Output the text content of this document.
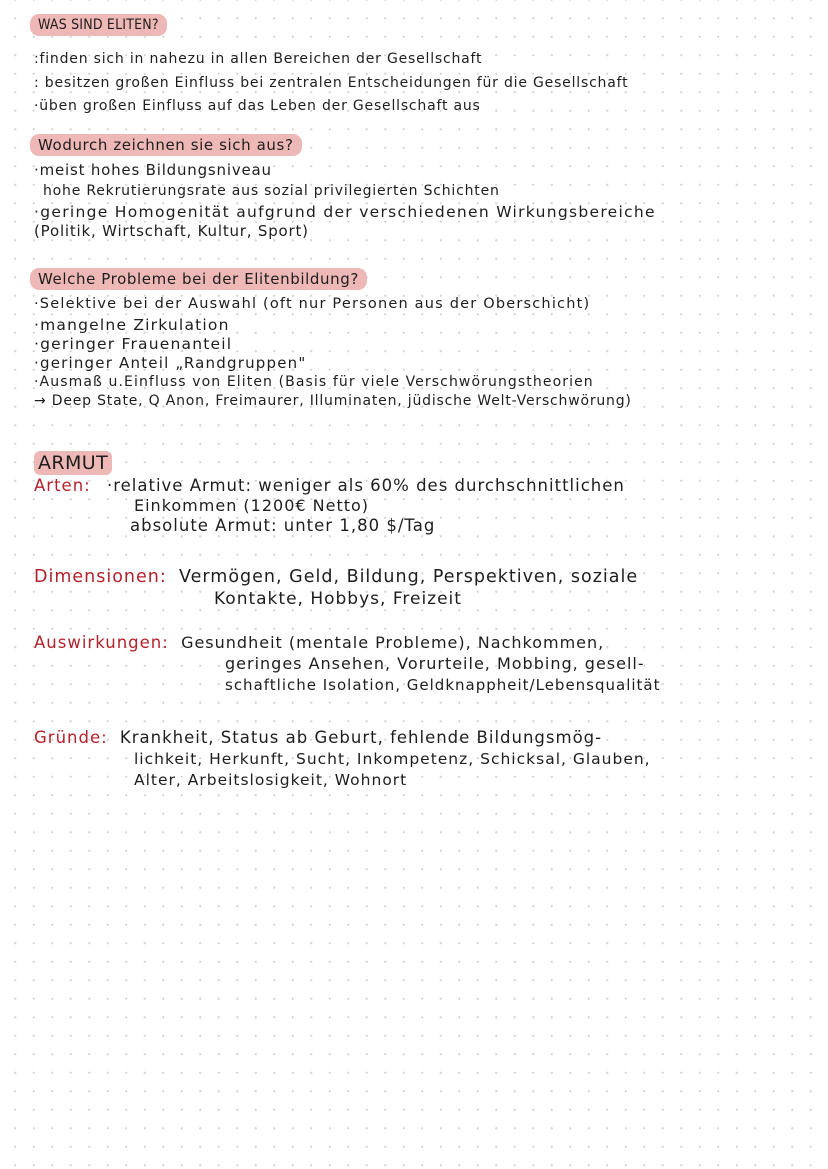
WAS SIND ELITEN?
:finden sich in nahezu in allen Bereichen der Gesellschaft
: besitzen großen Einfluss bei zentralen Entscheidungen für die Gesellschaft
·üben großen Einfluss auf das Leben der Gesellschaft aus
Wodurch zeichnen sie sich aus?
·meist hohes Bildungsniveau
hohe Rekrutierungsrate aus sozial privilegierten Schichten
·geringe Homogenität aufgrund der verschiedenen Wirkungsbereiche
(Politik, Wirtschaft, Kultur, Sport)
Welche Probleme bei der Elitenbildung?
·Selektive bei der Auswahl (oft nur Personen aus der Oberschicht)
·mangelne Zirkulation
·geringer Frauenanteil
·geringer Anteil „Randgruppen"
·Ausmaß u.Einfluss von Eliten (Basis für viele Verschwörungstheorien
→ Deep State, Q Anon, Freimaurer, Illuminaten, jüdische Welt-Verschwörung)
ARMUT
Arten: ·relative Armut: weniger als 60% des durchschnittlichen
Einkommen (1200€ Netto)
absolute Armut: unter 1,80 $/Tag
Dimensionen: Vermögen, Geld, Bildung, Perspektiven, soziale
Kontakte, Hobbys, Freizeit
Auswirkungen: Gesundheit (mentale Probleme), Nachkommen,
geringes Ansehen, Vorurteile, Mobbing, gesell-
schaftliche Isolation, Geldknappheit/Lebensqualität
Gründe: Krankheit, Status ab Geburt, fehlende Bildungsmög-
lichkeit, Herkunft, Sucht, Inkompetenz, Schicksal, Glauben,
Alter, Arbeitslosigkeit, Wohnort
